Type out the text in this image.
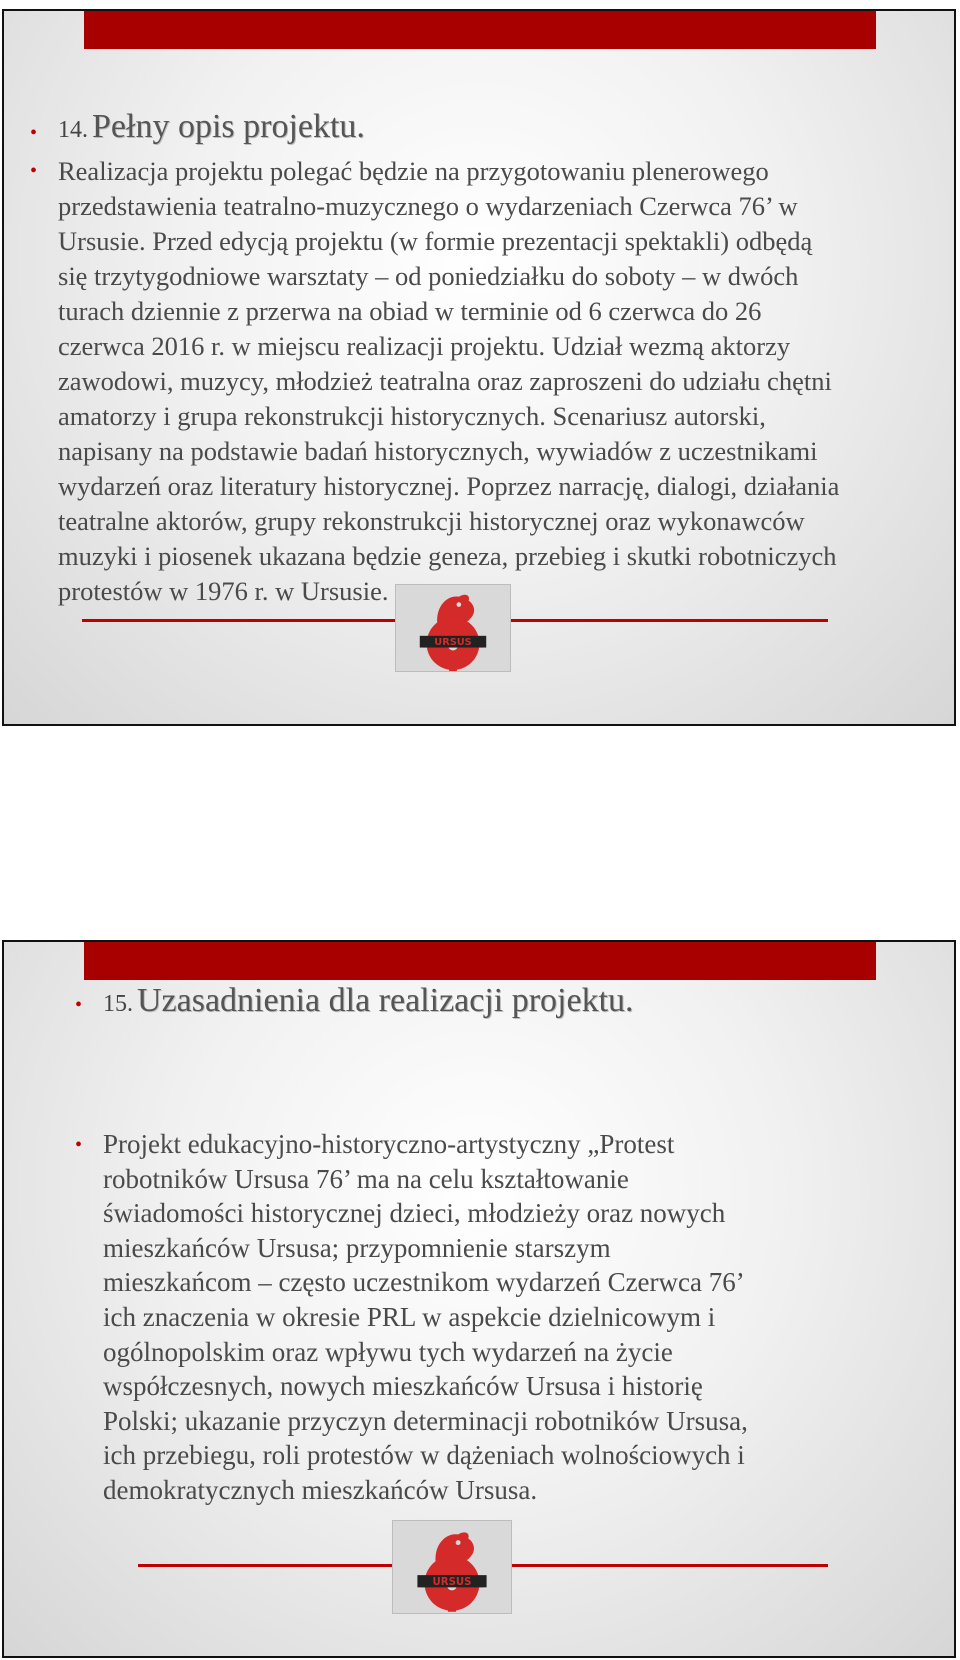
• 14. Pełny opis projektu.
• Realizacja projektu polegać będzie na przygotowaniu plenerowego
przedstawienia teatralno-muzycznego o wydarzeniach Czerwca 76’ w
Ursusie. Przed edycją projektu (w formie prezentacji spektakli) odbędą
się trzytygodniowe warsztaty – od poniedziałku do soboty – w dwóch
turach dziennie z przerwa na obiad w terminie od 6 czerwca do 26
czerwca 2016 r. w miejscu realizacji projektu. Udział wezmą aktorzy
zawodowi, muzycy, młodzież teatralna oraz zaproszeni do udziału chętni
amatorzy i grupa rekonstrukcji historycznych. Scenariusz autorski,
napisany na podstawie badań historycznych, wywiadów z uczestnikami
wydarzeń oraz literatury historycznej. Poprzez narrację, dialogi, działania
teatralne aktorów, grupy rekonstrukcji historycznej oraz wykonawców
muzyki i piosenek ukazana będzie geneza, przebieg i skutki robotniczych
protestów w 1976 r. w Ursusie.
URSUS
• 15. Uzasadnienia dla realizacji projektu.
• Projekt edukacyjno-historyczno-artystyczny „Protest
robotników Ursusa 76’ ma na celu kształtowanie
świadomości historycznej dzieci, młodzieży oraz nowych
mieszkańców Ursusa; przypomnienie starszym
mieszkańcom – często uczestnikom wydarzeń Czerwca 76’
ich znaczenia w okresie PRL w aspekcie dzielnicowym i
ogólnopolskim oraz wpływu tych wydarzeń na życie
współczesnych, nowych mieszkańców Ursusa i historię
Polski; ukazanie przyczyn determinacji robotników Ursusa,
ich przebiegu, roli protestów w dążeniach wolnościowych i
demokratycznych mieszkańców Ursusa.
URSUS
